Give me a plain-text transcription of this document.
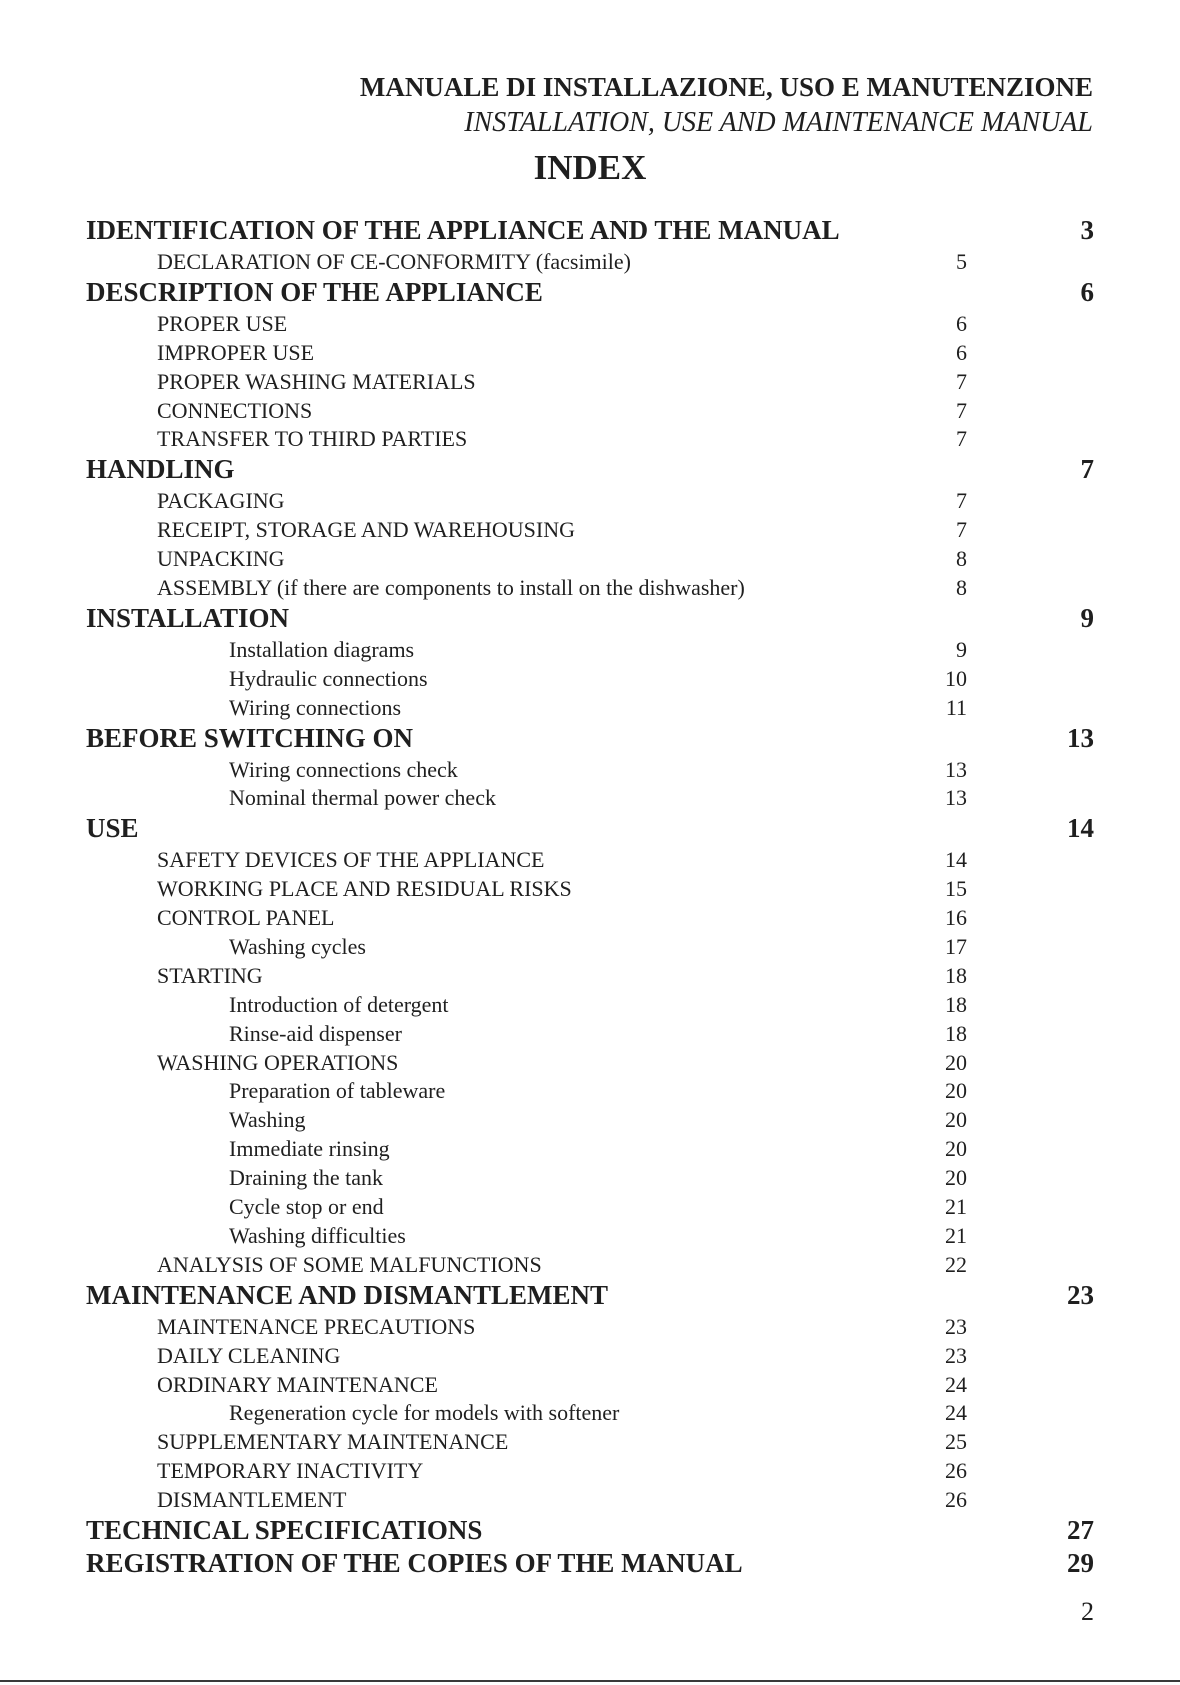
MANUALE DI INSTALLAZIONE, USO E MANUTENZIONE
INSTALLATION, USE AND MAINTENANCE MANUAL
INDEX
IDENTIFICATION OF THE APPLIANCE AND THE MANUAL	3
DECLARATION OF CE-CONFORMITY (facsimile)	5
DESCRIPTION OF THE APPLIANCE	6
PROPER USE	6
IMPROPER USE	6
PROPER WASHING MATERIALS	7
CONNECTIONS	7
TRANSFER TO THIRD PARTIES	7
HANDLING	7
PACKAGING	7
RECEIPT, STORAGE AND WAREHOUSING	7
UNPACKING	8
ASSEMBLY (if there are components to install on the dishwasher)	8
INSTALLATION	9
Installation diagrams	9
Hydraulic connections	10
Wiring connections	11
BEFORE SWITCHING ON	13
Wiring connections check	13
Nominal thermal power check	13
USE	14
SAFETY DEVICES OF THE APPLIANCE	14
WORKING PLACE AND RESIDUAL RISKS	15
CONTROL PANEL	16
Washing cycles	17
STARTING	18
Introduction of detergent	18
Rinse-aid dispenser	18
WASHING OPERATIONS	20
Preparation of tableware	20
Washing	20
Immediate rinsing	20
Draining the tank	20
Cycle stop or end	21
Washing difficulties	21
ANALYSIS OF SOME MALFUNCTIONS	22
MAINTENANCE AND DISMANTLEMENT	23
MAINTENANCE PRECAUTIONS	23
DAILY CLEANING	23
ORDINARY MAINTENANCE	24
Regeneration cycle for models with softener	24
SUPPLEMENTARY MAINTENANCE	25
TEMPORARY INACTIVITY	26
DISMANTLEMENT	26
TECHNICAL SPECIFICATIONS	27
REGISTRATION OF THE COPIES OF THE MANUAL	29
2
